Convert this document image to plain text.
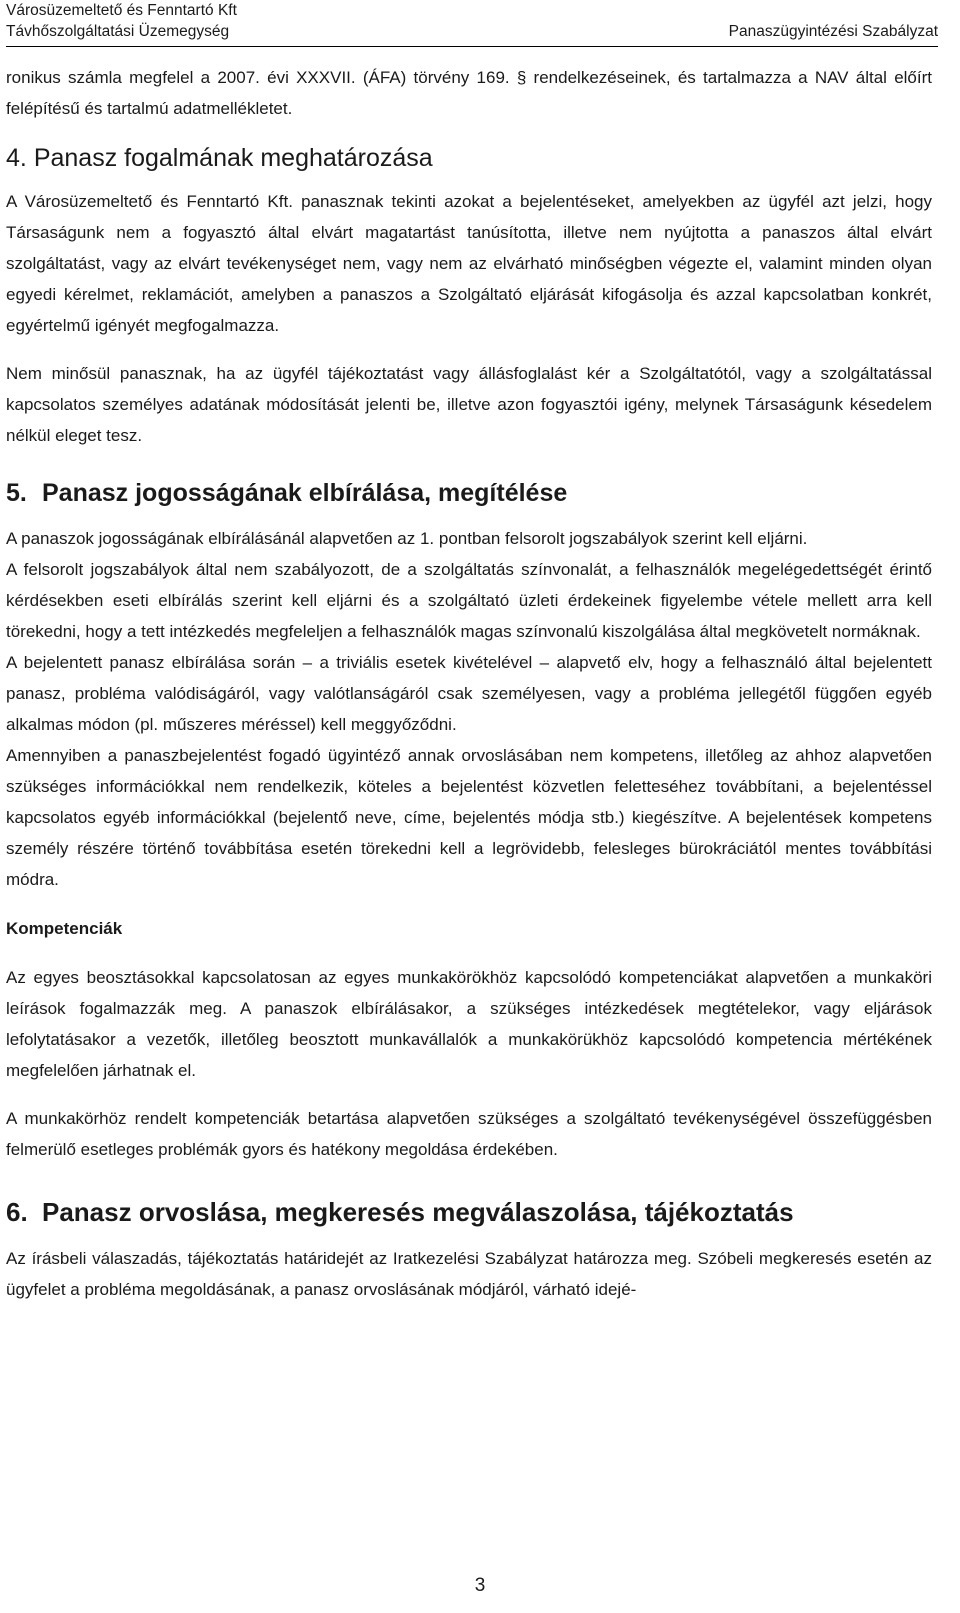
Városüzemeltető és Fenntartó Kft
Távhőszolgáltatási Üzemegység	Panaszügyintézési Szabályzat

ronikus számla megfelel a 2007. évi XXXVII. (ÁFA) törvény 169. § rendelkezéseinek, és tartalmazza a NAV által előírt felépítésű és tartalmú adatmellékletet.

4. Panasz fogalmának meghatározása

A Városüzemeltető és Fenntartó Kft. panasznak tekinti azokat a bejelentéseket, amelyekben az ügyfél azt jelzi, hogy Társaságunk nem a fogyasztó által elvárt magatartást tanúsította, illetve nem nyújtotta a panaszos által elvárt szolgáltatást, vagy az elvárt tevékenységet nem, vagy nem az elvárható minőségben végezte el, valamint minden olyan egyedi kérelmet, reklamációt, amelyben a panaszos a Szolgáltató eljárását kifogásolja és azzal kapcsolatban konkrét, egyértelmű igényét megfogalmazza.

Nem minősül panasznak, ha az ügyfél tájékoztatást vagy állásfoglalást kér a Szolgáltatótól, vagy a szolgáltatással kapcsolatos személyes adatának módosítását jelenti be, illetve azon fogyasztói igény, melynek Társaságunk késedelem nélkül eleget tesz.

5. Panasz jogosságának elbírálása, megítélése

A panaszok jogosságának elbírálásánál alapvetően az 1. pontban felsorolt jogszabályok szerint kell eljárni.

A felsorolt jogszabályok által nem szabályozott, de a szolgáltatás színvonalát, a felhasználók megelégedettségét érintő kérdésekben eseti elbírálás szerint kell eljárni és a szolgáltató üzleti érdekeinek figyelembe vétele mellett arra kell törekedni, hogy a tett intézkedés megfeleljen a felhasználók magas színvonalú kiszolgálása által megkövetelt normáknak.

A bejelentett panasz elbírálása során – a triviális esetek kivételével – alapvető elv, hogy a felhasználó által bejelentett panasz, probléma valódiságáról, vagy valótlanságáról csak személyesen, vagy a probléma jellegétől függően egyéb alkalmas módon (pl. műszeres méréssel) kell meggyőződni.

Amennyiben a panaszbejelentést fogadó ügyintéző annak orvoslásában nem kompetens, illetőleg az ahhoz alapvetően szükséges információkkal nem rendelkezik, köteles a bejelentést közvetlen feletteséhez továbbítani, a bejelentéssel kapcsolatos egyéb információkkal (bejelentő neve, címe, bejelentés módja stb.) kiegészítve. A bejelentések kompetens személy részére történő továbbítása esetén törekedni kell a legrövidebb, felesleges bürokráciától mentes továbbítási módra.

Kompetenciák

Az egyes beosztásokkal kapcsolatosan az egyes munkakörökhöz kapcsolódó kompetenciákat alapvetően a munkaköri leírások fogalmazzák meg. A panaszok elbírálásakor, a szükséges intézkedések megtételekor, vagy eljárások lefolytatásakor a vezetők, illetőleg beosztott munkavállalók a munkakörükhöz kapcsolódó kompetencia mértékének megfelelően járhatnak el.

A munkakörhöz rendelt kompetenciák betartása alapvetően szükséges a szolgáltató tevékenységével összefüggésben felmerülő esetleges problémák gyors és hatékony megoldása érdekében.

6. Panasz orvoslása, megkeresés megválaszolása, tájékoztatás

Az írásbeli válaszadás, tájékoztatás határidejét az Iratkezelési Szabályzat határozza meg. Szóbeli megkeresés esetén az ügyfelet a probléma megoldásának, a panasz orvoslásának módjáról, várható idejé-

3
